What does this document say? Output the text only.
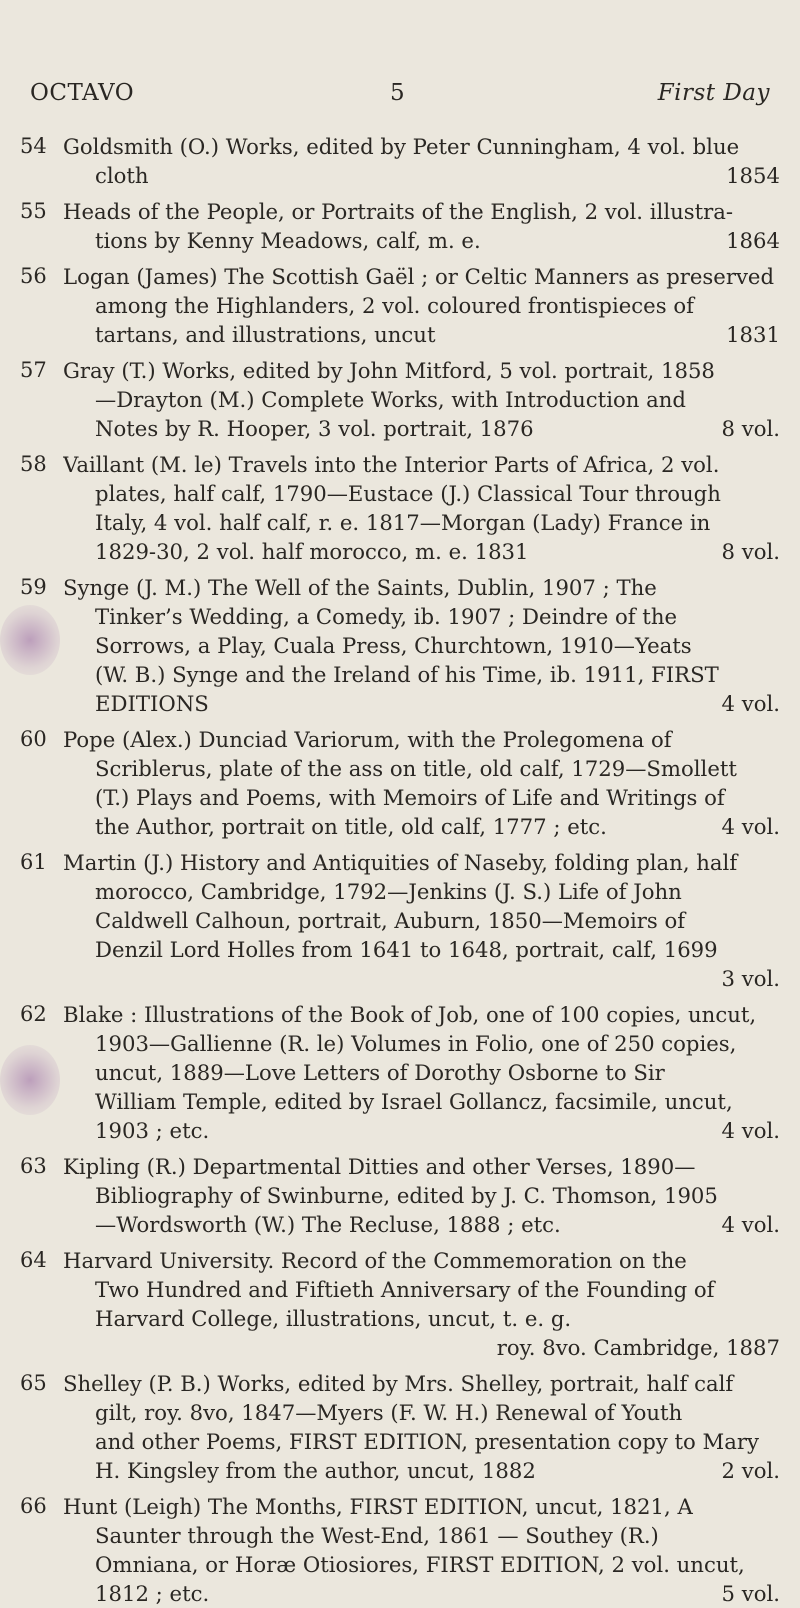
OCTAVO	5	First Day
54 Goldsmith (O.) Works, edited by Peter Cunningham, 4 vol. blue
1854
cloth
55 Heads of the People, or Portraits of the English, 2 vol. illustra-
1864
tions by Kenny Meadows, calf, m. e.
56 Logan (James) The Scottish Gaël ; or Celtic Manners as preserved
among the Highlanders, 2 vol. coloured frontispieces of
1831
tartans, and illustrations, uncut
57 Gray (T.) Works, edited by John Mitford, 5 vol. portrait, 1858
—Drayton (M.) Complete Works, with Introduction and
8 vol.
Notes by R. Hooper, 3 vol. portrait, 1876
58 Vaillant (M. le) Travels into the Interior Parts of Africa, 2 vol.
plates, half calf, 1790—Eustace (J.) Classical Tour through
Italy, 4 vol. half calf, r. e. 1817—Morgan (Lady) France in
8 vol.
1829-30, 2 vol. half morocco, m. e. 1831
59 Synge (J. M.) The Well of the Saints, Dublin, 1907 ; The
Tinker’s Wedding, a Comedy, ib. 1907 ; Deindre of the
Sorrows, a Play, Cuala Press, Churchtown, 1910—Yeats
(W. B.) Synge and the Ireland of his Time, ib. 1911, FIRST
4 vol.
EDITIONS
60 Pope (Alex.) Dunciad Variorum, with the Prolegomena of
Scriblerus, plate of the ass on title, old calf, 1729—Smollett
(T.) Plays and Poems, with Memoirs of Life and Writings of
4 vol.
the Author, portrait on title, old calf, 1777 ; etc.
61 Martin (J.) History and Antiquities of Naseby, folding plan, half
morocco, Cambridge, 1792—Jenkins (J. S.) Life of John
Caldwell Calhoun, portrait, Auburn, 1850—Memoirs of
Denzil Lord Holles from 1641 to 1648, portrait, calf, 1699
3 vol.
62 Blake : Illustrations of the Book of Job, one of 100 copies, uncut,
1903—Gallienne (R. le) Volumes in Folio, one of 250 copies,
uncut, 1889—Love Letters of Dorothy Osborne to Sir
William Temple, edited by Israel Gollancz, facsimile, uncut,
4 vol.
1903 ; etc.
63 Kipling (R.) Departmental Ditties and other Verses, 1890—
Bibliography of Swinburne, edited by J. C. Thomson, 1905
4 vol.
—Wordsworth (W.) The Recluse, 1888 ; etc.
64 Harvard University. Record of the Commemoration on the
Two Hundred and Fiftieth Anniversary of the Founding of
Harvard College, illustrations, uncut, t. e. g.
roy. 8vo. Cambridge, 1887
65 Shelley (P. B.) Works, edited by Mrs. Shelley, portrait, half calf
gilt, roy. 8vo, 1847—Myers (F. W. H.) Renewal of Youth
and other Poems, FIRST EDITION, presentation copy to Mary
2 vol.
H. Kingsley from the author, uncut, 1882
66 Hunt (Leigh) The Months, FIRST EDITION, uncut, 1821, A
Saunter through the West-End, 1861 — Southey (R.)
Omniana, or Horæ Otiosiores, FIRST EDITION, 2 vol. uncut,
5 vol.
1812 ; etc.
